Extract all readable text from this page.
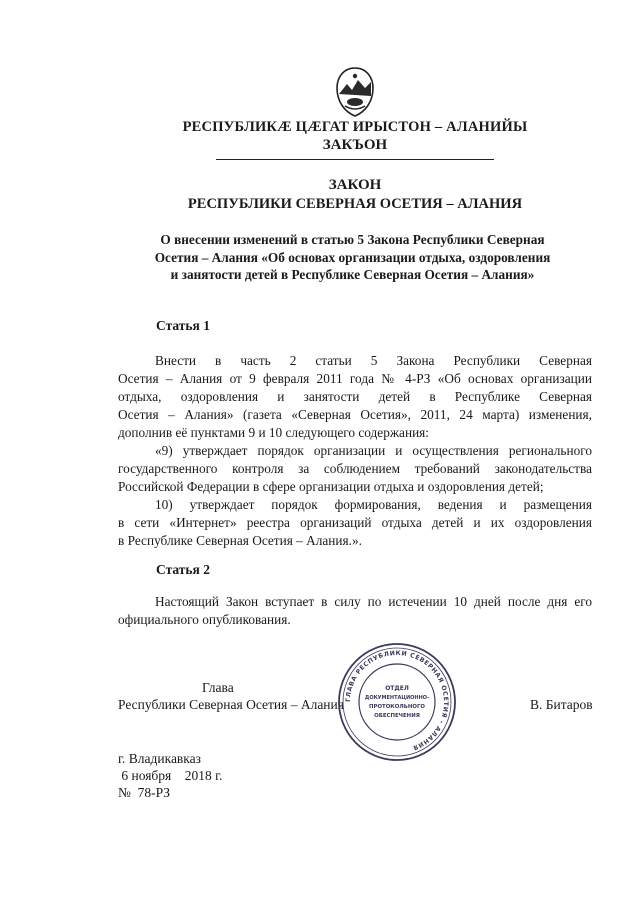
РЕСПУБЛИКÆ ЦÆГАТ ИРЫСТОН – АЛАНИЙЫ
ЗАКЪОН
ЗАКОН
РЕСПУБЛИКИ СЕВЕРНАЯ ОСЕТИЯ – АЛАНИЯ
О внесении изменений в статью 5 Закона Республики Северная
Осетия – Алания «Об основах организации отдыха, оздоровления
и занятости детей в Республике Северная Осетия – Алания»
Статья 1
Внести в часть 2 статьи 5 Закона Республики Северная
Осетия – Алания от 9 февраля 2011 года № 4-РЗ «Об основах организации
отдыха, оздоровления и занятости детей в Республике Северная
Осетия – Алания» (газета «Северная Осетия», 2011, 24 марта) изменения,
дополнив её пунктами 9 и 10 следующего содержания:
«9) утверждает порядок организации и осуществления регионального
государственного контроля за соблюдением требований законодательства
Российской Федерации в сфере организации отдыха и оздоровления детей;
10) утверждает порядок формирования, ведения и размещения
в сети «Интернет» реестра организаций отдыха детей и их оздоровления
в Республике Северная Осетия – Алания.».
Статья 2
Настоящий Закон вступает в силу по истечении 10 дней после дня его
официального опубликования.
Глава
Республики Северная Осетия – Алания	В. Битаров
ГЛАВА РЕСПУБЛИКИ СЕВЕРНАЯ ОСЕТИЯ – АЛАНИЯ
ОТДЕЛ
ДОКУМЕНТАЦИОННО-
ПРОТОКОЛЬНОГО
ОБЕСПЕЧЕНИЯ
г. Владикавказ
6 ноября    2018 г.
№  78-РЗ
